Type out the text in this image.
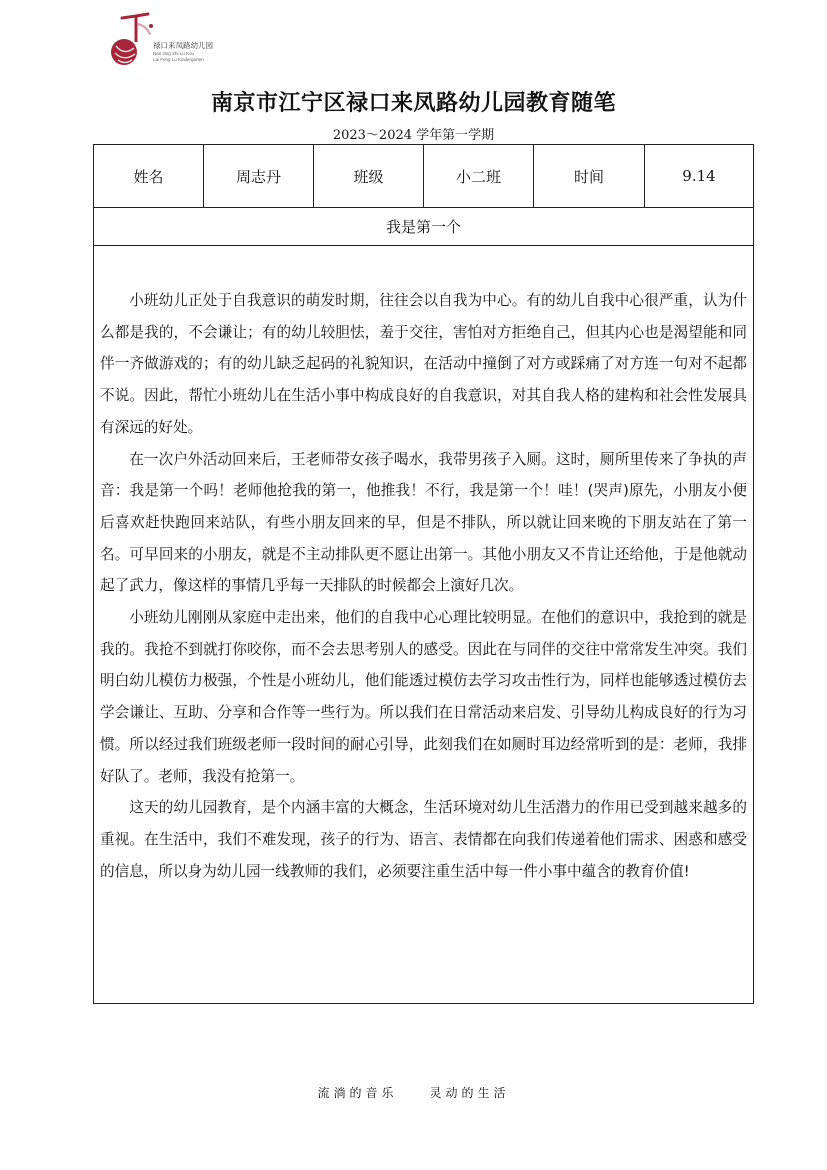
禄口来凤路幼儿园
Nan Jing Shi Lu Kou
Lai Feng Lu Kindergarten
南京市江宁区禄口来凤路幼儿园教育随笔
2023～2024 学年第一学期
姓名	周志丹	班级	小二班	时间	9.14
我是第一个

小班幼儿正处于自我意识的萌发时期，往往会以自我为中心。有的幼儿自我中心很严重，认为什么都是我的，不会谦让；有的幼儿较胆怯，羞于交往，害怕对方拒绝自己，但其内心也是渴望能和同伴一齐做游戏的；有的幼儿缺乏起码的礼貌知识，在活动中撞倒了对方或踩痛了对方连一句对不起都不说。因此，帮忙小班幼儿在生活小事中构成良好的自我意识，对其自我人格的建构和社会性发展具有深远的好处。

在一次户外活动回来后，王老师带女孩子喝水，我带男孩子入厕。这时，厕所里传来了争执的声音：我是第一个吗！老师他抢我的第一，他推我！不行，我是第一个！哇！(哭声)原先，小朋友小便后喜欢赶快跑回来站队，有些小朋友回来的早，但是不排队，所以就让回来晚的下朋友站在了第一名。可早回来的小朋友，就是不主动排队更不愿让出第一。其他小朋友又不肯让还给他，于是他就动起了武力，像这样的事情几乎每一天排队的时候都会上演好几次。

小班幼儿刚刚从家庭中走出来，他们的自我中心心理比较明显。在他们的意识中，我抢到的就是我的。我抢不到就打你咬你，而不会去思考别人的感受。因此在与同伴的交往中常常发生冲突。我们明白幼儿模仿力极强，个性是小班幼儿，他们能透过模仿去学习攻击性行为，同样也能够透过模仿去学会谦让、互助、分享和合作等一些行为。所以我们在日常活动来启发、引导幼儿构成良好的行为习惯。所以经过我们班级老师一段时间的耐心引导，此刻我们在如厕时耳边经常听到的是：老师，我排好队了。老师，我没有抢第一。

这天的幼儿园教育，是个内涵丰富的大概念，生活环境对幼儿生活潜力的作用已受到越来越多的重视。在生活中，我们不难发现，孩子的行为、语言、表情都在向我们传递着他们需求、困惑和感受的信息，所以身为幼儿园一线教师的我们，必须要注重生活中每一件小事中蕴含的教育价值!

流淌的音乐　　灵动的生活
